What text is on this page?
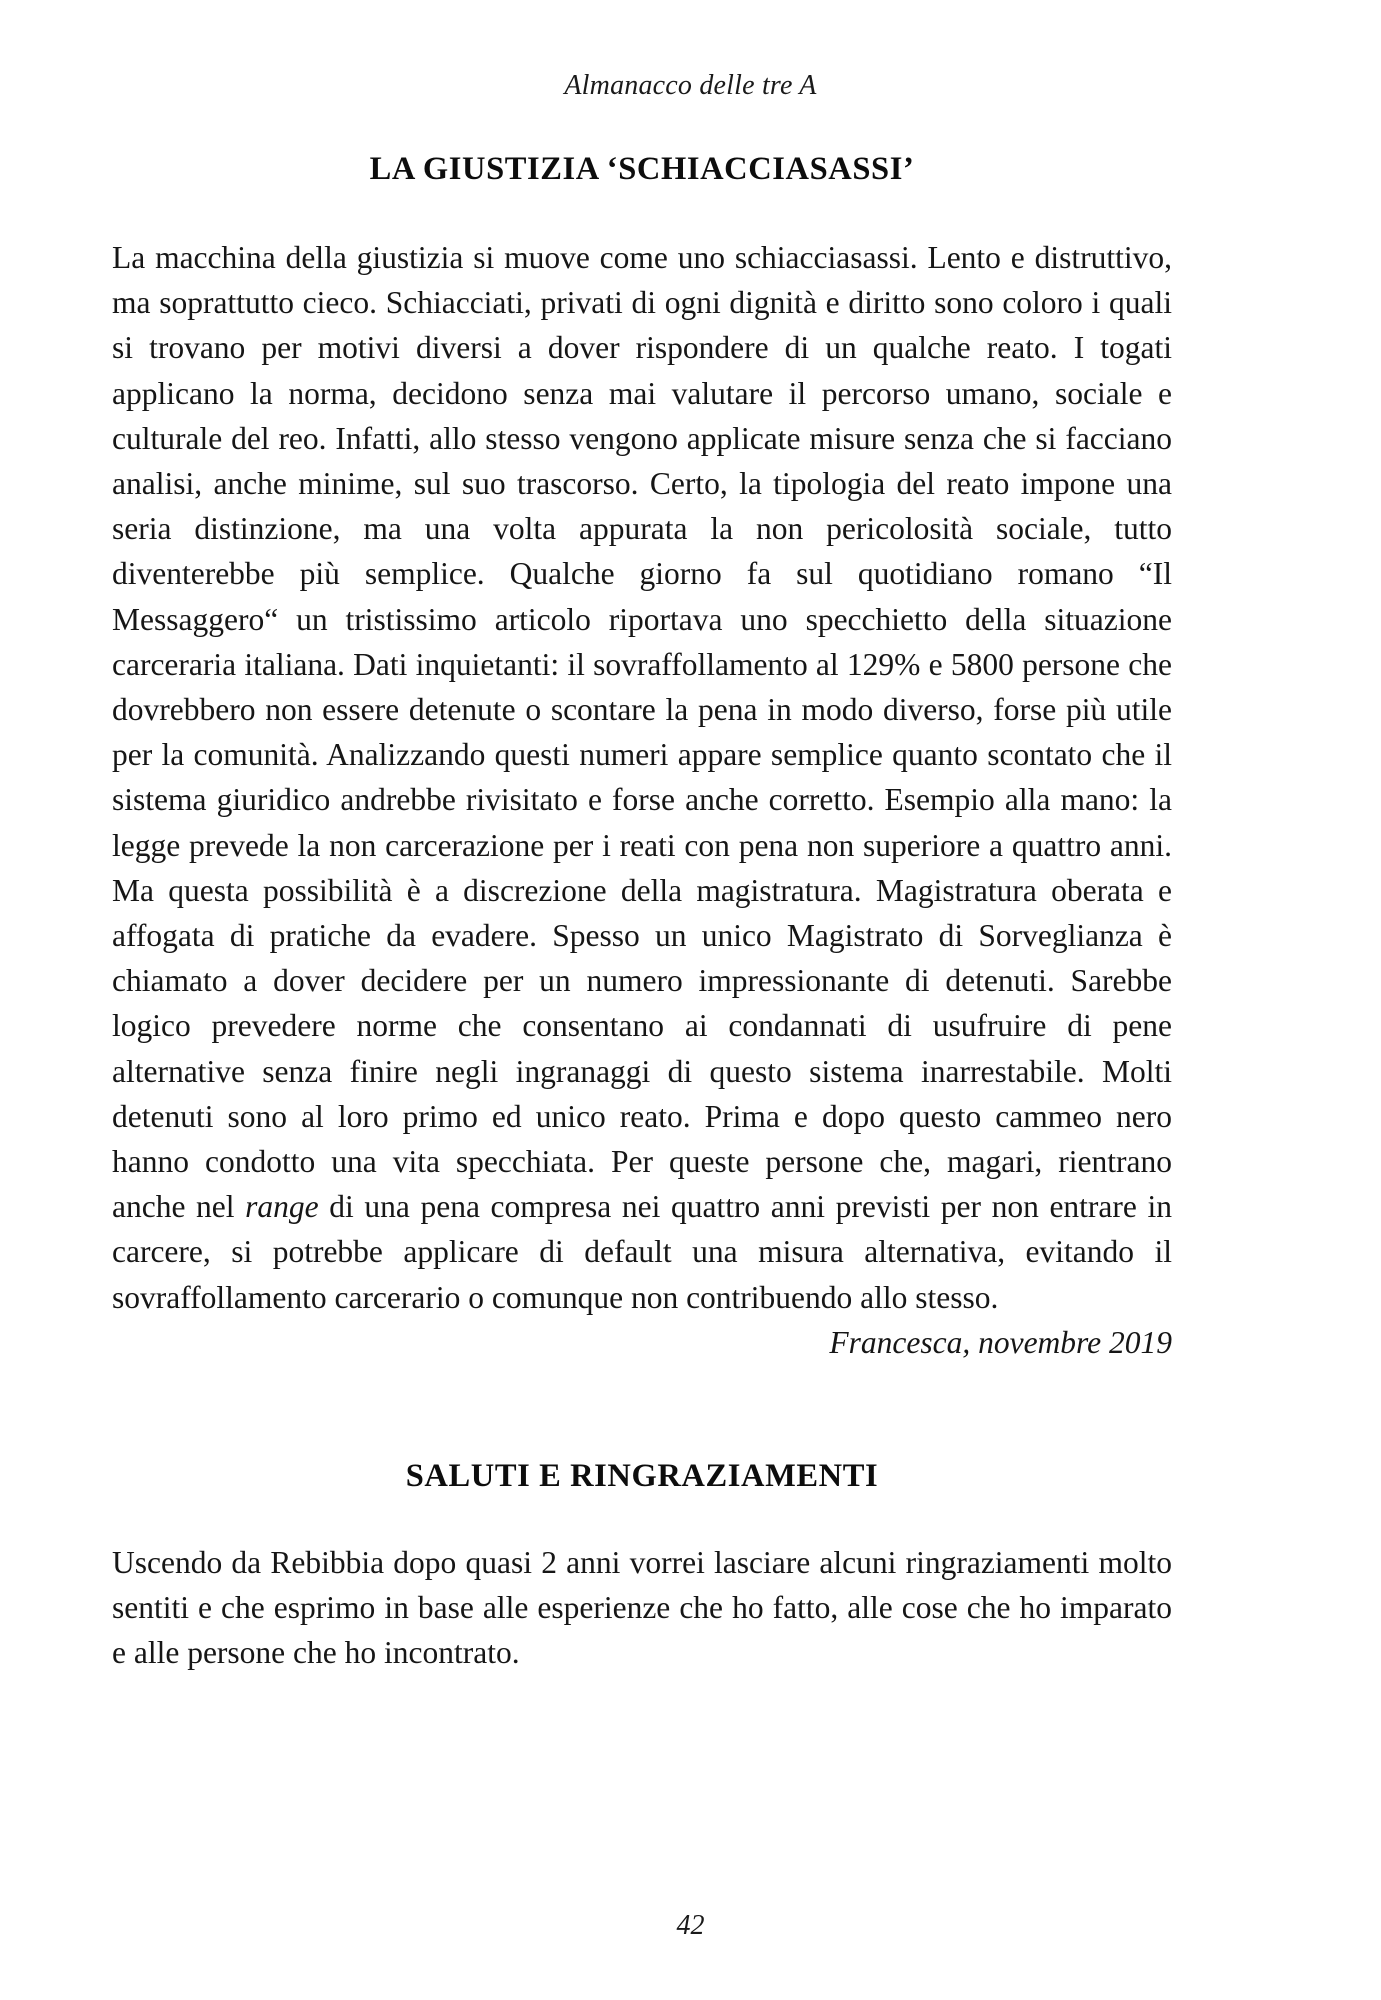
Almanacco delle tre A
LA GIUSTIZIA ‘SCHIACCIASASSI’

La macchina della giustizia si muove come uno schiacciasassi. Lento e distruttivo, ma soprattutto cieco. Schiacciati, privati di ogni dignità e diritto sono coloro i quali si trovano per motivi diversi a dover rispondere di un qualche reato. I togati applicano la norma, decidono senza mai valutare il percorso umano, sociale e culturale del reo. Infatti, allo stesso vengono applicate misure senza che si facciano analisi, anche minime, sul suo trascorso. Certo, la tipologia del reato impone una seria distinzione, ma una volta appurata la non pericolosità sociale, tutto diventerebbe più semplice. Qualche giorno fa sul quotidiano romano “Il Messaggero“ un tristissimo articolo riportava uno specchietto della situazione carceraria italiana. Dati inquietanti: il sovraffollamento al 129% e 5800 persone che dovrebbero non essere detenute o scontare la pena in modo diverso, forse più utile per la comunità. Analizzando questi numeri appare semplice quanto scontato che il sistema giuridico andrebbe rivisitato e forse anche corretto. Esempio alla mano: la legge prevede la non carcerazione per i reati con pena non superiore a quattro anni. Ma questa possibilità è a discrezione della magistratura. Magistratura oberata e affogata di pratiche da evadere. Spesso un unico Magistrato di Sorveglianza è chiamato a dover decidere per un numero impressionante di detenuti. Sarebbe logico prevedere norme che consentano ai condannati di usufruire di pene alternative senza finire negli ingranaggi di questo sistema inarrestabile. Molti detenuti sono al loro primo ed unico reato. Prima e dopo questo cammeo nero hanno condotto una vita specchiata. Per queste persone che, magari, rientrano anche nel range di una pena compresa nei quattro anni previsti per non entrare in carcere, si potrebbe applicare di default una misura alternativa, evitando il sovraffollamento carcerario o comunque non contribuendo allo stesso.

Francesca, novembre 2019

SALUTI E RINGRAZIAMENTI

Uscendo da Rebibbia dopo quasi 2 anni vorrei lasciare alcuni ringraziamenti molto sentiti e che esprimo in base alle esperienze che ho fatto, alle cose che ho imparato e alle persone che ho incontrato.

42
